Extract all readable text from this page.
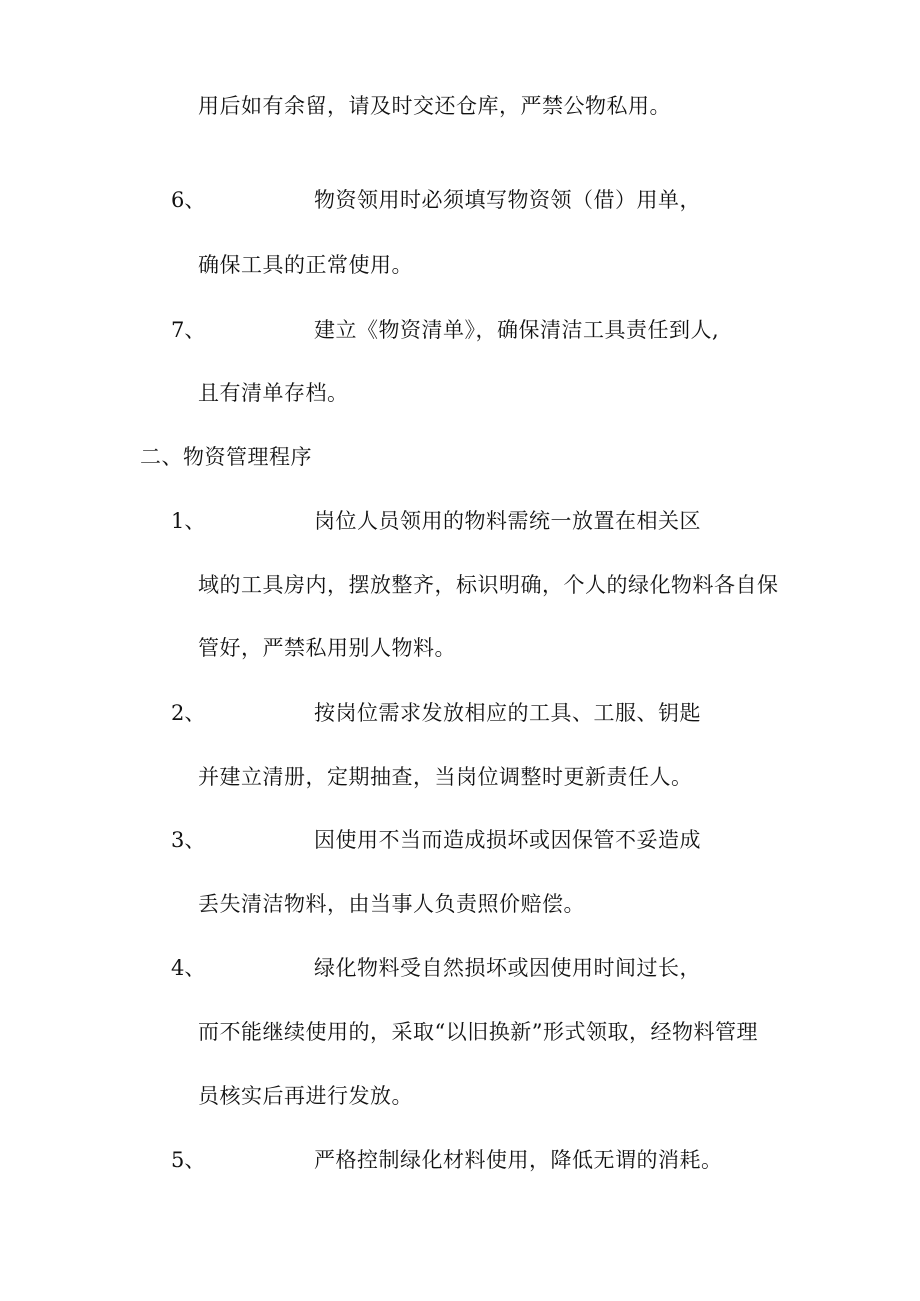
用后如有余留，请及时交还仓库，严禁公物私用。
6、	物资领用时必须填写物资领（借）用单，
确保工具的正常使用。
7、	建立《物资清单》，确保清洁工具责任到人,
且有清单存档。
二、物资管理程序
1、	岗位人员领用的物料需统一放置在相关区
域的工具房内，摆放整齐，标识明确，个人的绿化物料各自保
管好，严禁私用别人物料。
2、	按岗位需求发放相应的工具、工服、钥匙
并建立清册，定期抽查，当岗位调整时更新责任人。
3、	因使用不当而造成损坏或因保管不妥造成
丢失清洁物料，由当事人负责照价赔偿。
4、	绿化物料受自然损坏或因使用时间过长，
而不能继续使用的，采取“以旧换新”形式领取，经物料管理
员核实后再进行发放。
5、	严格控制绿化材料使用，降低无谓的消耗。
